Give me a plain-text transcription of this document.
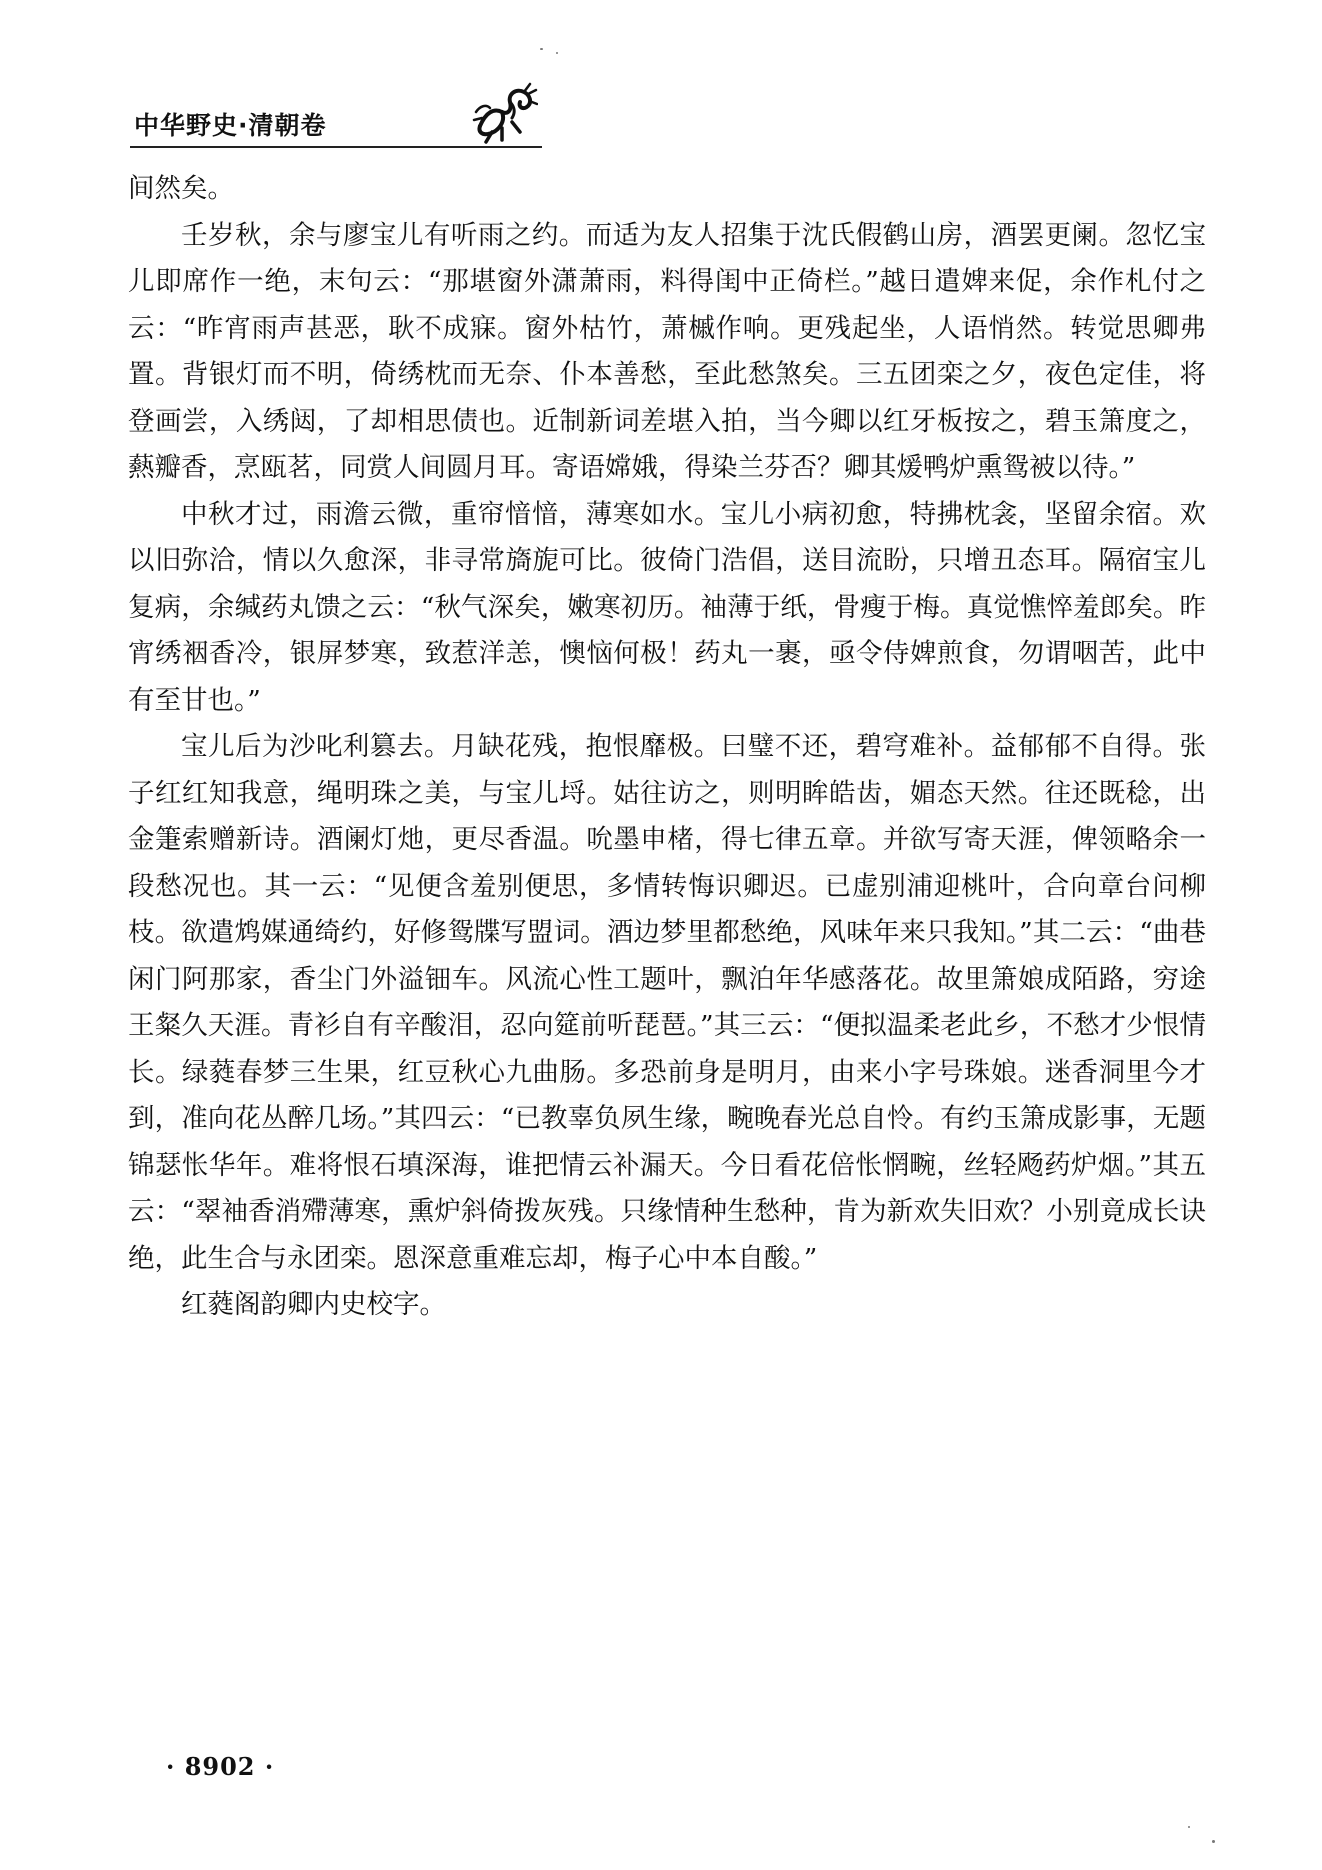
中华野史·清朝卷

间然矣。

壬岁秋，余与廖宝儿有听雨之约。而适为友人招集于沈氏假鹤山房，酒罢更阑。忽忆宝儿即席作一绝，末句云：“那堪窗外潇萧雨，料得闺中正倚栏。”越日遣婢来促，余作札付之云：“昨宵雨声甚恶，耿不成寐。窗外枯竹，萧槭作响。更残起坐，人语悄然。转觉思卿弗置。背银灯而不明，倚绣枕而无奈、仆本善愁，至此愁煞矣。三五团栾之夕，夜色定佳，将登画尝，入绣闼，了却相思债也。近制新词差堪入拍，当今卿以红牙板按之，碧玉箫度之，爇瓣香，烹瓯茗，同赏人间圆月耳。寄语嫦娥，得染兰芬否？卿其煖鸭炉熏鸳被以待。”

中秋才过，雨澹云微，重帘愔愔，薄寒如水。宝儿小病初愈，特拂枕衾，坚留余宿。欢以旧弥洽，情以久愈深，非寻常旖旎可比。彼倚门浩倡，送目流盼，只增丑态耳。隔宿宝儿复病，余缄药丸馈之云：“秋气深矣，嫩寒初历。袖薄于纸，骨瘦于梅。真觉憔悴羞郎矣。昨宵绣裀香冷，银屏梦寒，致惹洋恙，懊恼何极！药丸一裹，亟令侍婢煎食，勿谓咽苦，此中有至甘也。”

宝儿后为沙叱利篡去。月缺花残，抱恨靡极。曰璧不还，碧穹难补。益郁郁不自得。张子红红知我意，绳明珠之美，与宝儿埒。姑往访之，则明眸皓齿，媚态天然。往还既稔，出金箑索赠新诗。酒阑灯灺，更尽香温。吮墨申楮，得七律五章。并欲写寄天涯，俾领略余一段愁况也。其一云：“见便含羞别便思，多情转悔识卿迟。已虚别浦迎桃叶，合向章台问柳枝。欲遣鸩媒通绮约，好修鸳牒写盟词。酒边梦里都愁绝，风味年来只我知。”其二云：“曲巷闲门阿那家，香尘门外溢钿车。风流心性工题叶，飘泊年华感落花。故里箫娘成陌路，穷途王粲久天涯。青衫自有辛酸泪，忍向筵前听琵琶。”其三云：“便拟温柔老此乡，不愁才少恨情长。绿蕤春梦三生果，红豆秋心九曲肠。多恐前身是明月，由来小字号珠娘。迷香洞里今才到，准向花丛醉几场。”其四云：“已教辜负夙生缘，畹晚春光总自怜。有约玉箫成影事，无题锦瑟怅华年。难将恨石填深海，谁把情云补漏天。今日看花倍怅惘畹，丝轻飏药炉烟。”其五云：“翠袖香消殢薄寒，熏炉斜倚拨灰残。只缘情种生愁种，肯为新欢失旧欢？小别竟成长诀绝，此生合与永团栾。恩深意重难忘却，梅子心中本自酸。”

红蕤阁韵卿内史校字。

· 8902 ·
